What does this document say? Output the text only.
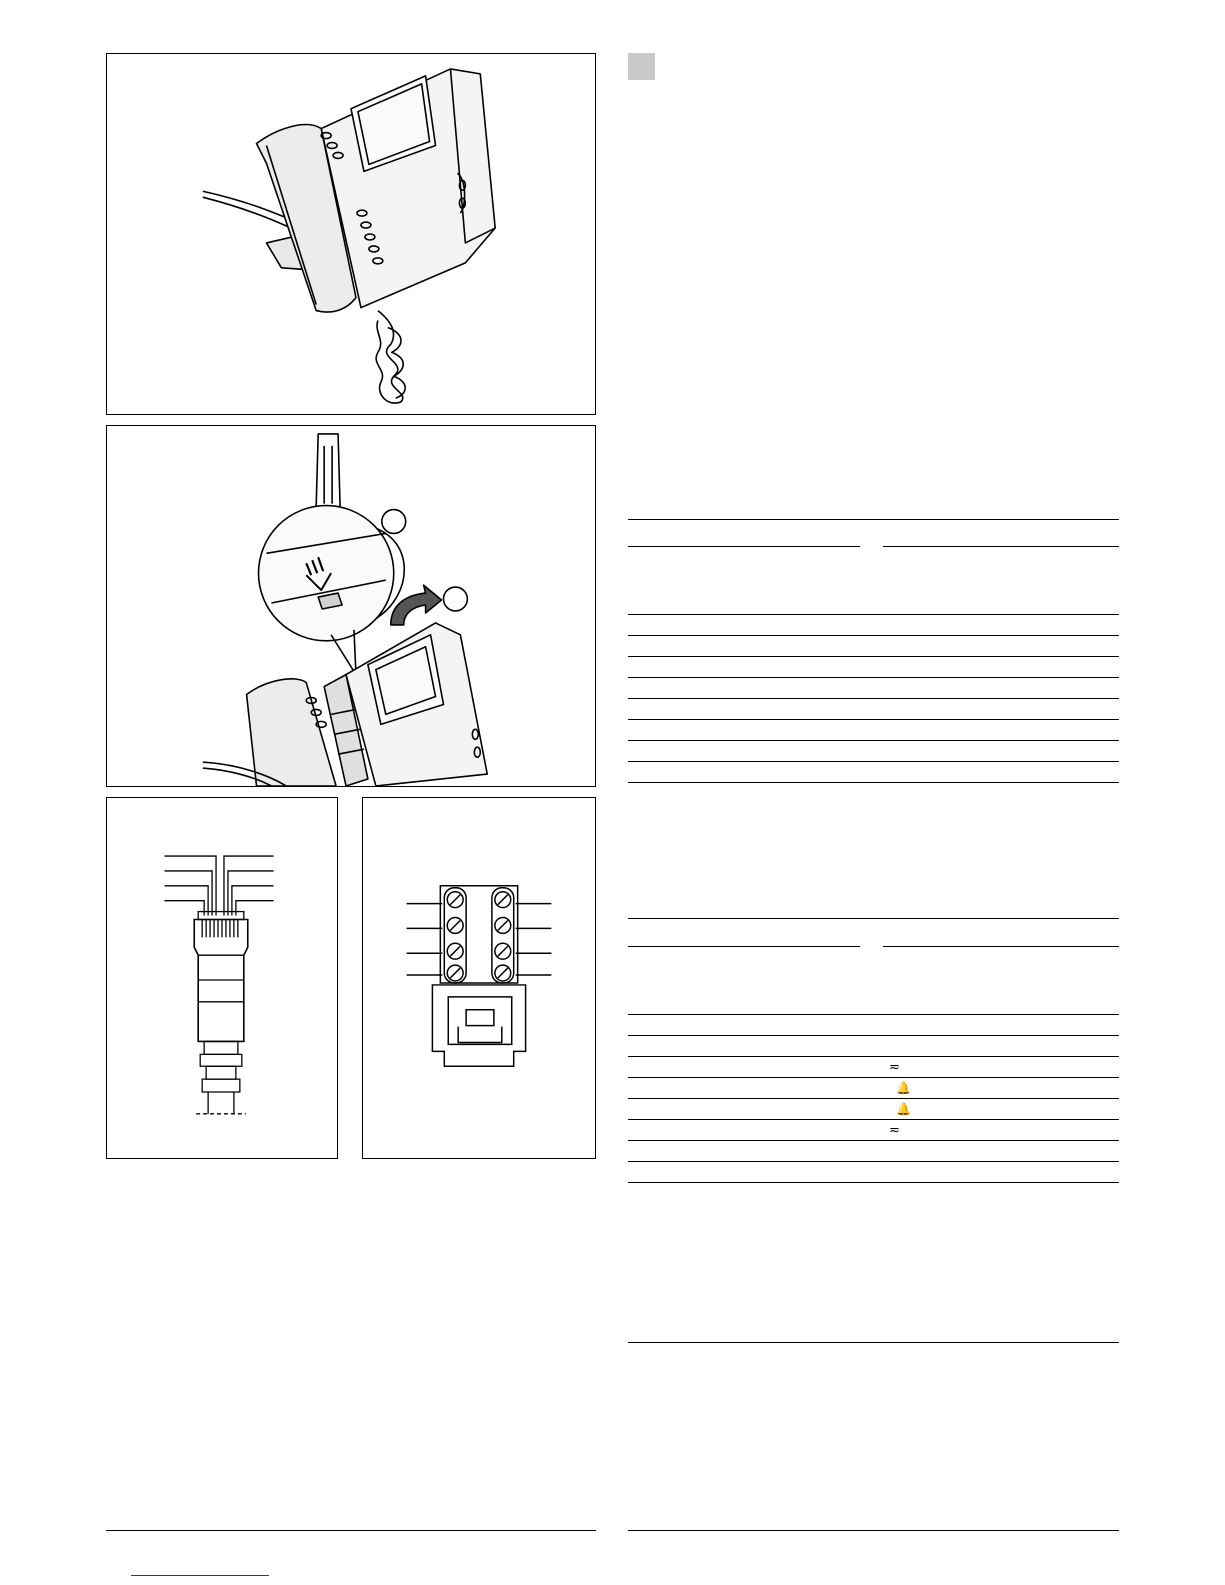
≂
🔔
🔔
≂
